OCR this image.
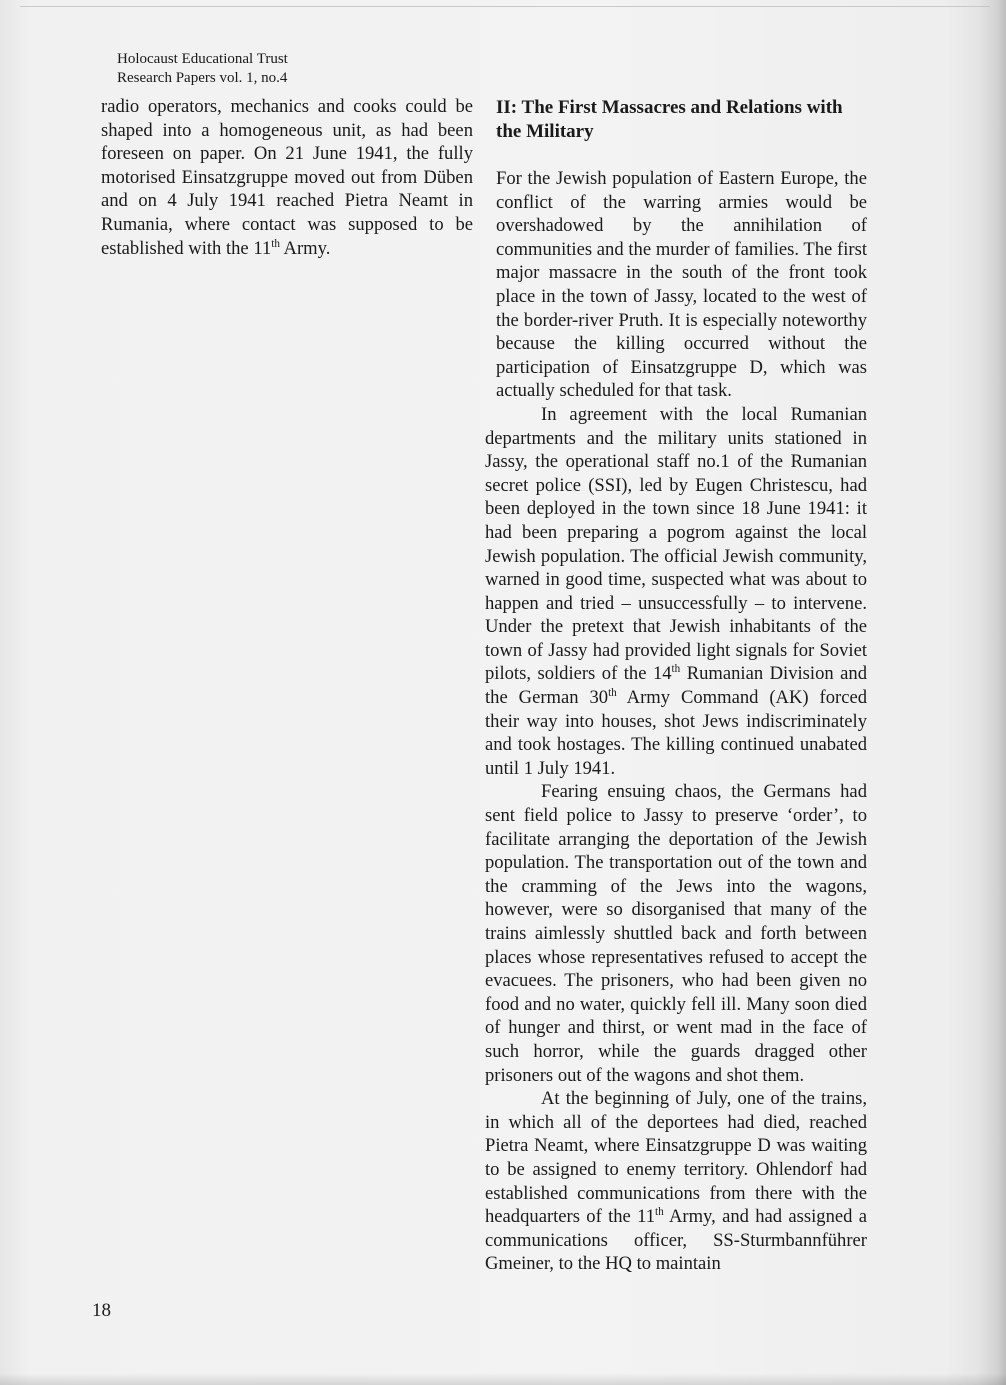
Holocaust Educational Trust
Research Papers vol. 1, no.4

radio operators, mechanics and cooks could be shaped into a homogeneous unit, as had been foreseen on paper. On 21 June 1941, the fully motorised Einsatzgruppe moved out from Düben and on 4 July 1941 reached Pietra Neamt in Rumania, where contact was supposed to be established with the 11th Army.

II: The First Massacres and Relations with the Military

For the Jewish population of Eastern Europe, the conflict of the warring armies would be overshadowed by the annihilation of communities and the murder of families. The first major massacre in the south of the front took place in the town of Jassy, located to the west of the border-river Pruth. It is especially noteworthy because the killing occurred without the participation of Einsatzgruppe D, which was actually scheduled for that task.

In agreement with the local Rumanian departments and the military units stationed in Jassy, the operational staff no.1 of the Rumanian secret police (SSI), led by Eugen Christescu, had been deployed in the town since 18 June 1941: it had been preparing a pogrom against the local Jewish population. The official Jewish community, warned in good time, suspected what was about to happen and tried – unsuccessfully – to intervene. Under the pretext that Jewish inhabitants of the town of Jassy had provided light signals for Soviet pilots, soldiers of the 14th Rumanian Division and the German 30th Army Command (AK) forced their way into houses, shot Jews indiscriminately and took hostages. The killing continued unabated until 1 July 1941.

Fearing ensuing chaos, the Germans had sent field police to Jassy to preserve ‘order’, to facilitate arranging the deportation of the Jewish population. The transportation out of the town and the cramming of the Jews into the wagons, however, were so disorganised that many of the trains aimlessly shuttled back and forth between places whose representatives refused to accept the evacuees. The prisoners, who had been given no food and no water, quickly fell ill. Many soon died of hunger and thirst, or went mad in the face of such horror, while the guards dragged other prisoners out of the wagons and shot them.

At the beginning of July, one of the trains, in which all of the deportees had died, reached Pietra Neamt, where Einsatzgruppe D was waiting to be assigned to enemy territory. Ohlendorf had established communications from there with the headquarters of the 11th Army, and had assigned a communications officer, SS-Sturmbannführer Gmeiner, to the HQ to maintain

18
